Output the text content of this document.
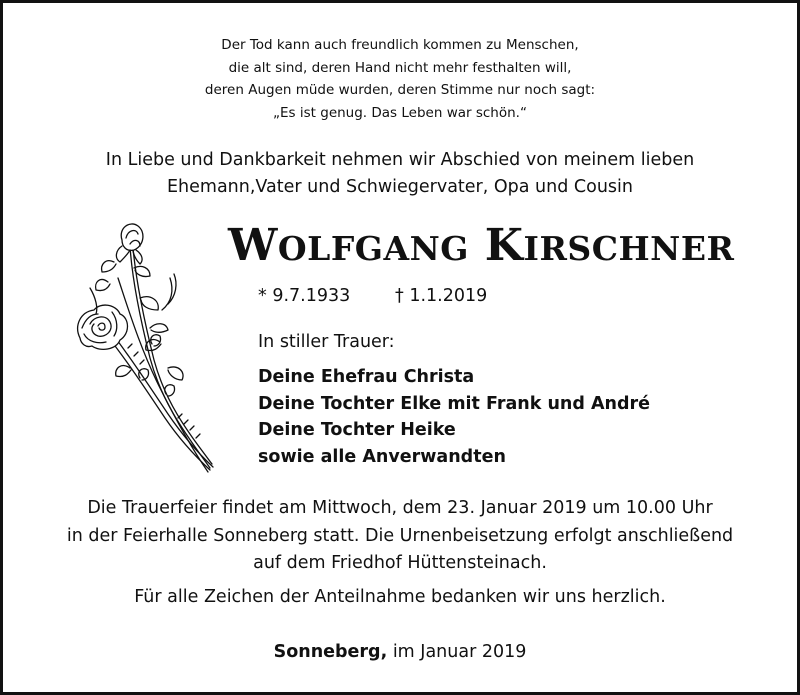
Der Tod kann auch freundlich kommen zu Menschen,
die alt sind, deren Hand nicht mehr festhalten will,
deren Augen müde wurden, deren Stimme nur noch sagt:
„Es ist genug. Das Leben war schön.“
In Liebe und Dankbarkeit nehmen wir Abschied von meinem lieben
Ehemann,Vater und Schwiegervater, Opa und Cousin
WOLFGANG KIRSCHNER
* 9.7.1933	† 1.1.2019
In stiller Trauer:
Deine Ehefrau Christa
Deine Tochter Elke mit Frank und André
Deine Tochter Heike
sowie alle Anverwandten
Die Trauerfeier findet am Mittwoch, dem 23. Januar 2019 um 10.00 Uhr
in der Feierhalle Sonneberg statt. Die Urnenbeisetzung erfolgt anschließend
auf dem Friedhof Hüttensteinach.
Für alle Zeichen der Anteilnahme bedanken wir uns herzlich.
Sonneberg, im Januar 2019
